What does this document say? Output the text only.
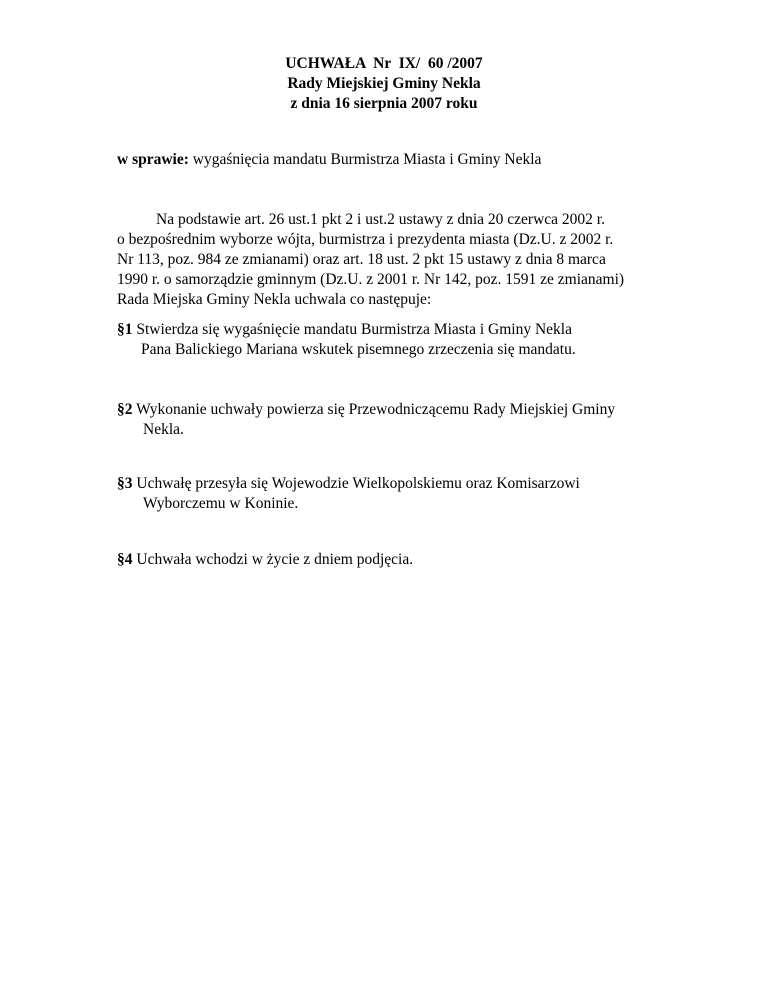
UCHWAŁA  Nr  IX/  60 /2007
Rady Miejskiej Gminy Nekla
z dnia 16 sierpnia 2007 roku
w sprawie: wygaśnięcia mandatu Burmistrza Miasta i Gminy Nekla
Na podstawie art. 26 ust.1 pkt 2 i ust.2 ustawy z dnia 20 czerwca 2002 r.
o bezpośrednim wyborze wójta, burmistrza i prezydenta miasta (Dz.U. z 2002 r.
Nr 113, poz. 984 ze zmianami) oraz art. 18 ust. 2 pkt 15 ustawy z dnia 8 marca
1990 r. o samorządzie gminnym (Dz.U. z 2001 r. Nr 142, poz. 1591 ze zmianami)
Rada Miejska Gminy Nekla uchwala co następuje:
§1 Stwierdza się wygaśnięcie mandatu Burmistrza Miasta i Gminy Nekla
Pana Balickiego Mariana wskutek pisemnego zrzeczenia się mandatu.
§2 Wykonanie uchwały powierza się Przewodniczącemu Rady Miejskiej Gminy
Nekla.
§3 Uchwałę przesyła się Wojewodzie Wielkopolskiemu oraz Komisarzowi
Wyborczemu w Koninie.
§4 Uchwała wchodzi w życie z dniem podjęcia.
